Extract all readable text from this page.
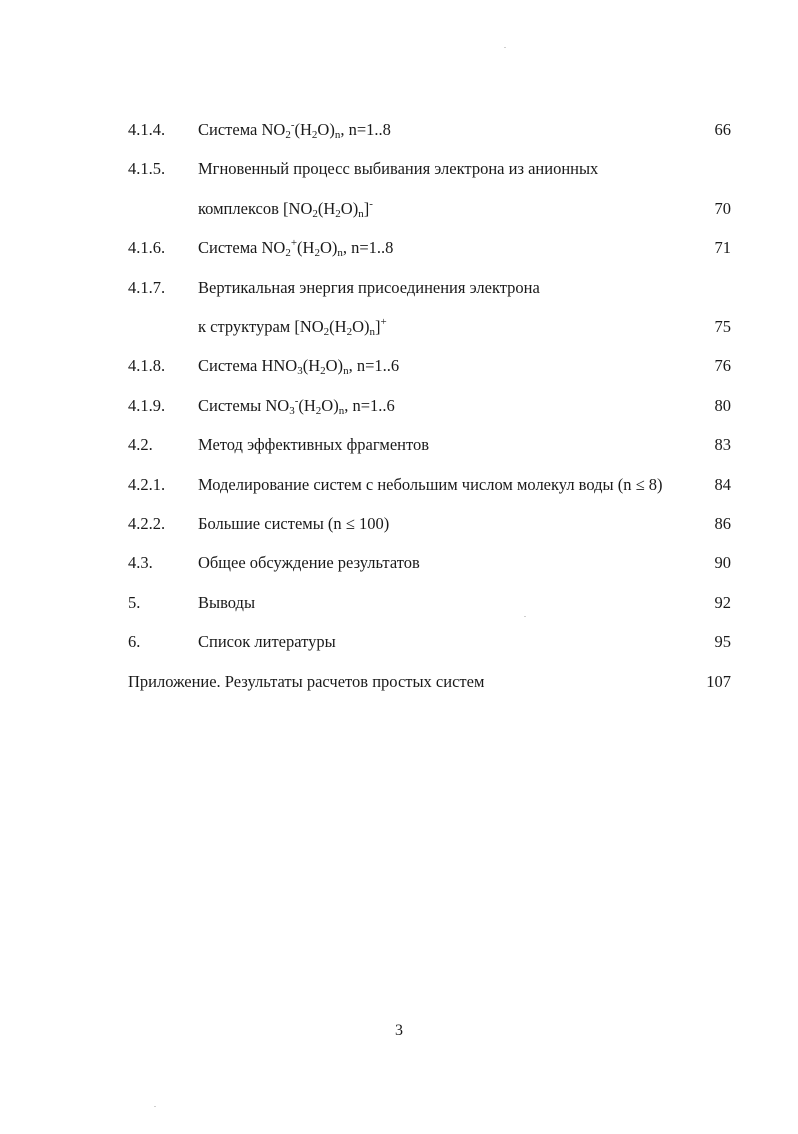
4.1.4. Система $NO_2^-(H_2O)_n$, n=1..8	66
4.1.5. Мгновенный процесс выбивания электрона из анионных
комплексов $[NO_2(H_2O)_n]^-$	70
4.1.6. Система $NO_2^+(H_2O)_n$, n=1..8	71
4.1.7. Вертикальная энергия присоединения электрона
к структурам $[NO_2(H_2O)_n]^+$	75
4.1.8. Система $HNO_3(H_2O)_n$, n=1..6	76
4.1.9. Системы $NO_3^-(H_2O)_n$, n=1..6	80
4.2.	Метод эффективных фрагментов	83
4.2.1. Моделирование систем с небольшим числом молекул воды (n ≤ 8)	84
4.2.2. Большие системы (n ≤ 100)	86
4.3.	Общее обсуждение результатов	90
5.	Выводы	92
6.	Список литературы	95
Приложение. Результаты расчетов простых систем	107
3
